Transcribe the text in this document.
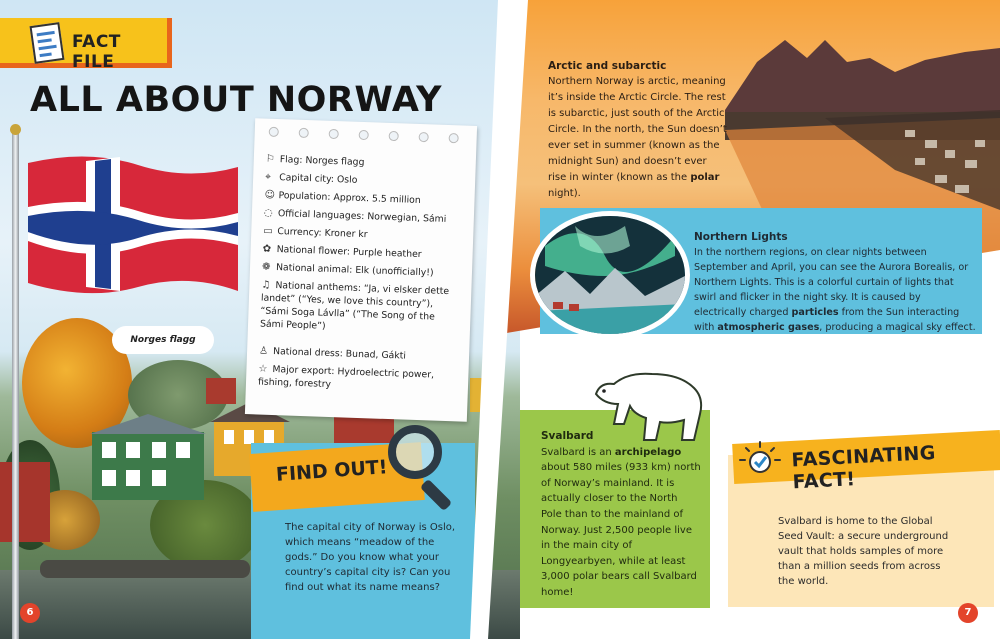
FACT FILE
ALL ABOUT NORWAY
Norges flagg
⚐ Flag: Norges flagg
⌖ Capital city: Oslo
☺ Population: Approx. 5.5 million
◌ Official languages: Norwegian, Sámi
▭ Currency: Kroner kr
✿ National flower: Purple heather
❁ National animal: Elk (unofficially!)
♫ National anthems: “Ja, vi elsker dette landet” (“Yes, we love this country”), “Sámi Soga Lávlla” (“The Song of the Sámi People”)
♙ National dress: Bunad, Gákti
☆ Major export: Hydroelectric power, fishing, forestry
FIND OUT!

The capital city of Norway is Oslo, which means “meadow of the gods.” Do you know what your country’s capital city is? Can you find out what its name means?

6
Arctic and subarctic

Northern Norway is arctic, meaning it’s inside the Arctic Circle. The rest is subarctic, just south of the Arctic Circle. In the north, the Sun doesn’t ever set in summer (known as the midnight Sun) and doesn’t ever rise in winter (known as the polar night).

Northern Lights

In the northern regions, on clear nights between September and April, you can see the Aurora Borealis, or Northern Lights. This is a colorful curtain of lights that swirl and flicker in the night sky. It is caused by electrically charged particles from the Sun interacting with atmospheric gases, producing a magical sky effect.

Svalbard

Svalbard is an archipelago about 580 miles (933 km) north of Norway’s mainland. It is actually closer to the North Pole than to the mainland of Norway. Just 2,500 people live in the main city of Longyearbyen, while at least 3,000 polar bears call Svalbard home!

FASCINATING FACT!

Svalbard is home to the Global Seed Vault: a secure underground vault that holds samples of more than a million seeds from across the world.

7
